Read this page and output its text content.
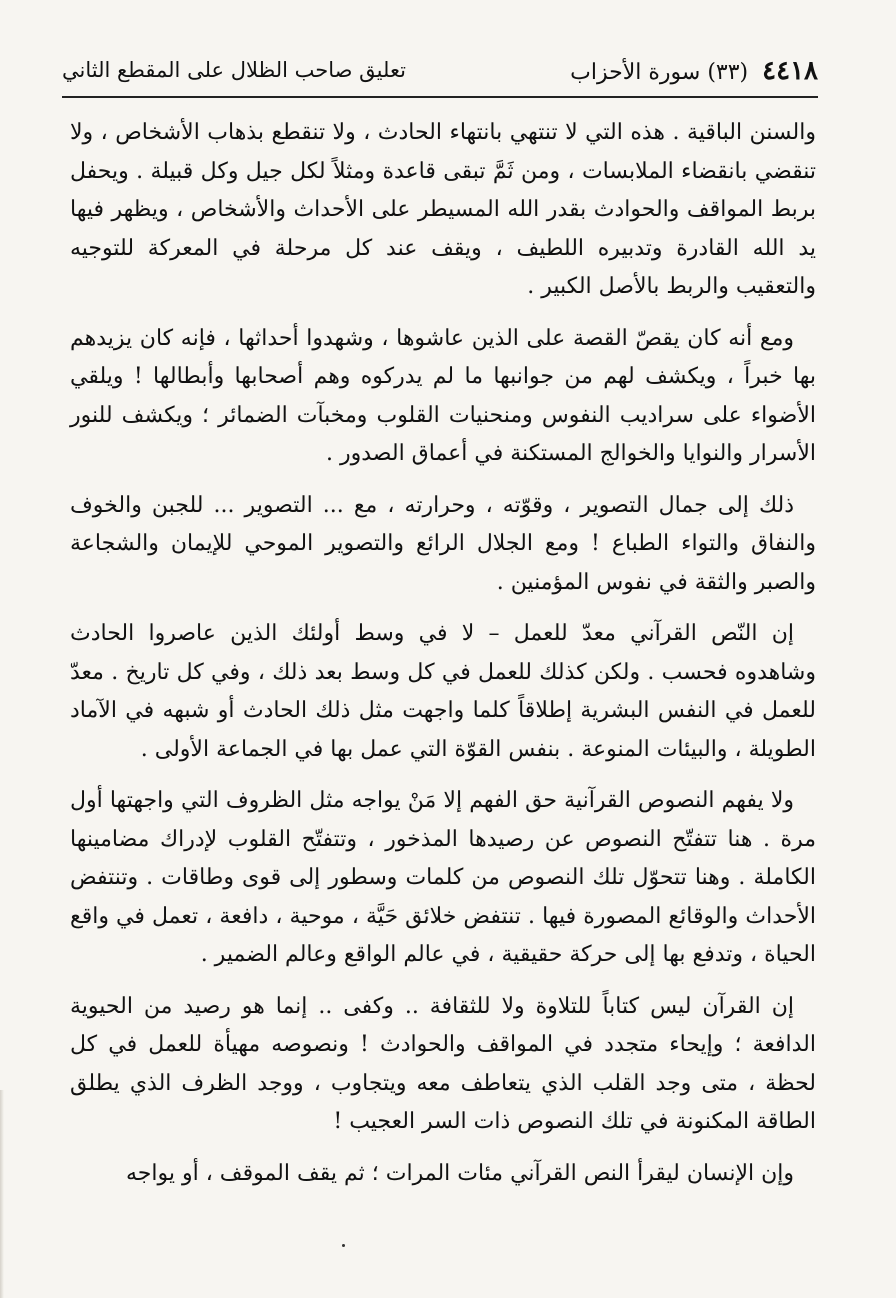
٤٤١٨(٣٣) سورة الأحزاب
تعليق صاحب الظلال على المقطع الثاني

والسنن الباقية . هذه التي لا تنتهي بانتهاء الحادث ، ولا تنقطع بذهاب الأشخاص ، ولا تنقضي بانقضاء الملابسات ، ومن ثَمَّ تبقى قاعدة ومثلاً لكل جيل وكل قبيلة . ويحفل بربط المواقف والحوادث بقدر الله المسيطر على الأحداث والأشخاص ، ويظهر فيها يد الله القادرة وتدبيره اللطيف ، ويقف عند كل مرحلة في المعركة للتوجيه والتعقيب والربط بالأصل الكبير .

ومع أنه كان يقصّ القصة على الذين عاشوها ، وشهدوا أحداثها ، فإنه كان يزيدهم بها خبراً ، ويكشف لهم من جوانبها ما لم يدركوه وهم أصحابها وأبطالها ! ويلقي الأضواء على سراديب النفوس ومنحنيات القلوب ومخبآت الضمائر ؛ ويكشف للنور الأسرار والنوايا والخوالج المستكنة في أعماق الصدور .

ذلك إلى جمال التصوير ، وقوّته ، وحرارته ، مع ... التصوير ... للجبن والخوف والنفاق والتواء الطباع ! ومع الجلال الرائع والتصوير الموحي للإيمان والشجاعة والصبر والثقة في نفوس المؤمنين .

إن النّص القرآني معدّ للعمل – لا في وسط أولئك الذين عاصروا الحادث وشاهدوه فحسب . ولكن كذلك للعمل في كل وسط بعد ذلك ، وفي كل تاريخ . معدّ للعمل في النفس البشرية إطلاقاً كلما واجهت مثل ذلك الحادث أو شبهه في الآماد الطويلة ، والبيئات المنوعة . بنفس القوّة التي عمل بها في الجماعة الأولى .

ولا يفهم النصوص القرآنية حق الفهم إلا مَنْ يواجه مثل الظروف التي واجهتها أول مرة . هنا تتفتّح النصوص عن رصيدها المذخور ، وتتفتّح القلوب لإدراك مضامينها الكاملة . وهنا تتحوّل تلك النصوص من كلمات وسطور إلى قوى وطاقات . وتنتفض الأحداث والوقائع المصورة فيها . تنتفض خلائق حَيَّة ، موحية ، دافعة ، تعمل في واقع الحياة ، وتدفع بها إلى حركة حقيقية ، في عالم الواقع وعالم الضمير .

إن القرآن ليس كتاباً للتلاوة ولا للثقافة .. وكفى .. إنما هو رصيد من الحيوية الدافعة ؛ وإيحاء متجدد في المواقف والحوادث ! ونصوصه مهيأة للعمل في كل لحظة ، متى وجد القلب الذي يتعاطف معه ويتجاوب ، ووجد الظرف الذي يطلق الطاقة المكنونة في تلك النصوص ذات السر العجيب !

وإن الإنسان ليقرأ النص القرآني مئات المرات ؛ ثم يقف الموقف ، أو يواجه
